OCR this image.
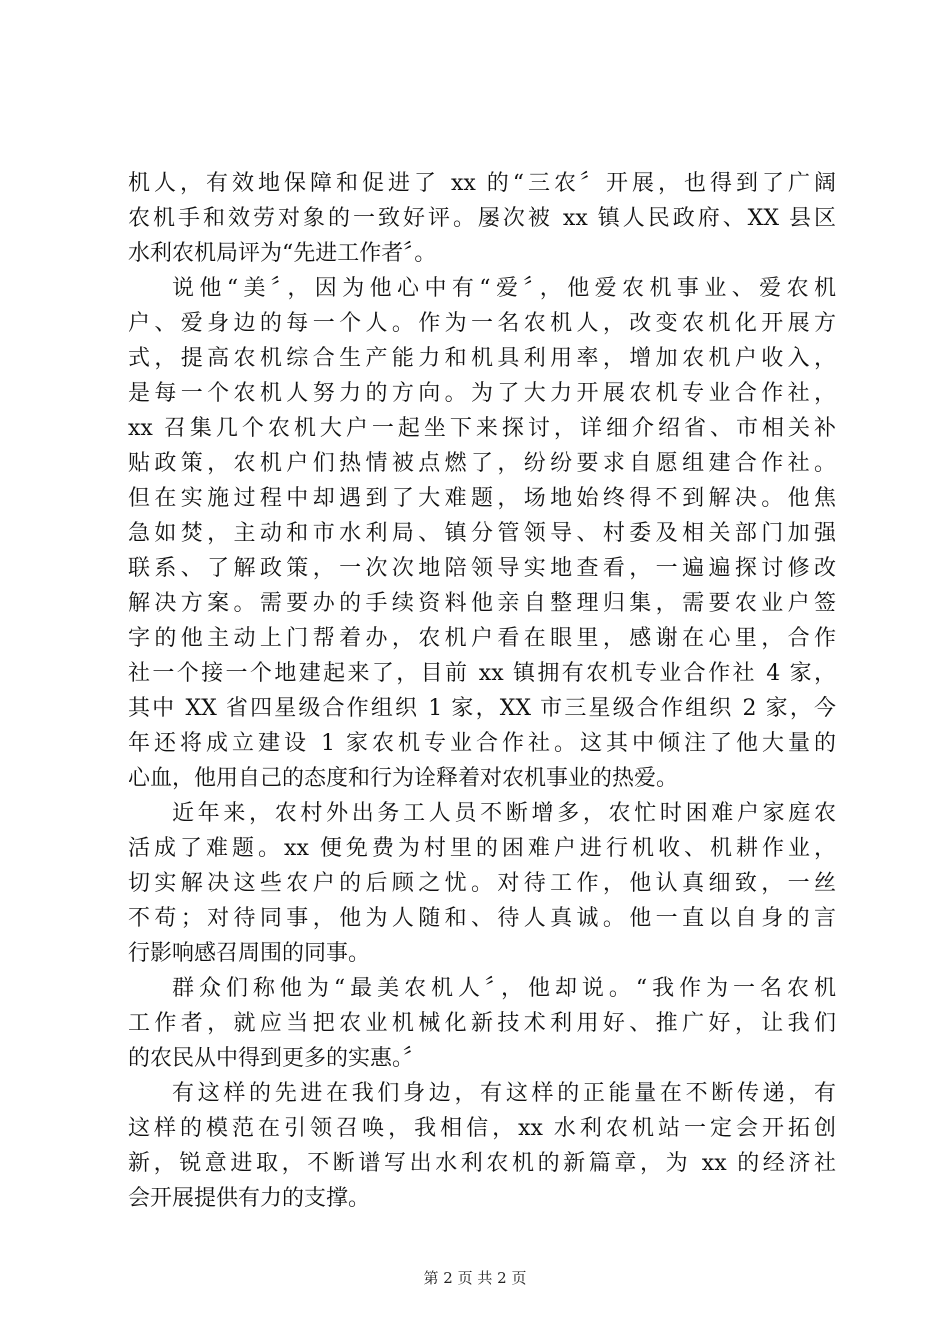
机人，有效地保障和促进了 xx 的“三农〞开展，也得到了广阔
农机手和效劳对象的一致好评。屡次被 xx 镇人民政府、XX 县区
水利农机局评为“先进工作者〞。
说他“美〞，因为他心中有“爱〞，他爱农机事业、爱农机
户、爱身边的每一个人。作为一名农机人，改变农机化开展方
式，提高农机综合生产能力和机具利用率，增加农机户收入，
是每一个农机人努力的方向。为了大力开展农机专业合作社，
xx 召集几个农机大户一起坐下来探讨，详细介绍省、市相关补
贴政策，农机户们热情被点燃了，纷纷要求自愿组建合作社。
但在实施过程中却遇到了大难题，场地始终得不到解决。他焦
急如焚，主动和市水利局、镇分管领导、村委及相关部门加强
联系、了解政策，一次次地陪领导实地查看，一遍遍探讨修改
解决方案。需要办的手续资料他亲自整理归集，需要农业户签
字的他主动上门帮着办，农机户看在眼里，感谢在心里，合作
社一个接一个地建起来了，目前 xx 镇拥有农机专业合作社 4 家，
其中 XX 省四星级合作组织 1 家，XX 市三星级合作组织 2 家，今
年还将成立建设 1 家农机专业合作社。这其中倾注了他大量的
心血，他用自己的态度和行为诠释着对农机事业的热爱。
近年来，农村外出务工人员不断增多，农忙时困难户家庭农
活成了难题。xx 便免费为村里的困难户进行机收、机耕作业，
切实解决这些农户的后顾之忧。对待工作，他认真细致，一丝
不苟；对待同事，他为人随和、待人真诚。他一直以自身的言
行影响感召周围的同事。
群众们称他为“最美农机人〞，他却说。“我作为一名农机
工作者，就应当把农业机械化新技术利用好、推广好，让我们
的农民从中得到更多的实惠。〞
有这样的先进在我们身边，有这样的正能量在不断传递，有
这样的模范在引领召唤，我相信，xx 水利农机站一定会开拓创
新，锐意进取，不断谱写出水利农机的新篇章，为 xx 的经济社
会开展提供有力的支撑。
第 2 页 共 2 页
